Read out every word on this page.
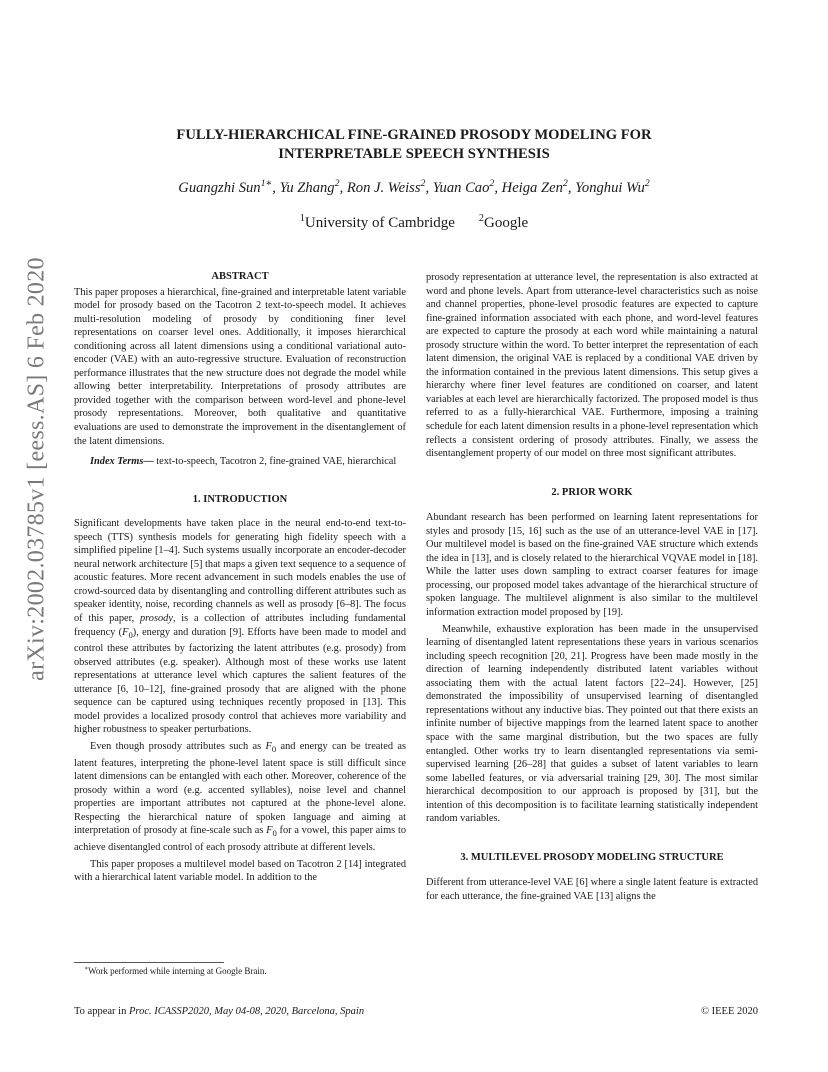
arXiv:2002.03785v1 [eess.AS] 6 Feb 2020
FULLY-HIERARCHICAL FINE-GRAINED PROSODY MODELING FOR
INTERPRETABLE SPEECH SYNTHESIS
Guangzhi Sun$^{1∗}$, Yu Zhang$^2$, Ron J. Weiss$^2$, Yuan Cao$^2$, Heiga Zen$^2$, Yonghui Wu$^2$
$^1$University of Cambridge $^2$Google
ABSTRACT

This paper proposes a hierarchical, fine-grained and interpretable latent variable model for prosody based on the Tacotron 2 text-to-speech model. It achieves multi-resolution modeling of prosody by conditioning finer level representations on coarser level ones. Additionally, it imposes hierarchical conditioning across all latent dimensions using a conditional variational auto-encoder (VAE) with an auto-regressive structure. Evaluation of reconstruction performance illustrates that the new structure does not degrade the model while allowing better interpretability. Interpretations of prosody attributes are provided together with the comparison between word-level and phone-level prosody representations. Moreover, both qualitative and quantitative evaluations are used to demonstrate the improvement in the disentanglement of the latent dimensions.

Index Terms— text-to-speech, Tacotron 2, fine-grained VAE, hierarchical

1. INTRODUCTION

Significant developments have taken place in the neural end-to-end text-to-speech (TTS) synthesis models for generating high fidelity speech with a simplified pipeline [1–4]. Such systems usually incorporate an encoder-decoder neural network architecture [5] that maps a given text sequence to a sequence of acoustic features. More recent advancement in such models enables the use of crowd-sourced data by disentangling and controlling different attributes such as speaker identity, noise, recording channels as well as prosody [6–8]. The focus of this paper, prosody, is a collection of attributes including fundamental frequency $(F_0)$, energy and duration [9]. Efforts have been made to model and control these attributes by factorizing the latent attributes (e.g. prosody) from observed attributes (e.g. speaker). Although most of these works use latent representations at utterance level which captures the salient features of the utterance [6, 10–12], fine-grained prosody that are aligned with the phone sequence can be captured using techniques recently proposed in [13]. This model provides a localized prosody control that achieves more variability and higher robustness to speaker perturbations.

Even though prosody attributes such as $F_0$ and energy can be treated as latent features, interpreting the phone-level latent space is still difficult since latent dimensions can be entangled with each other. Moreover, coherence of the prosody within a word (e.g. accented syllables), noise level and channel properties are important attributes not captured at the phone-level alone. Respecting the hierarchical nature of spoken language and aiming at interpretation of prosody at fine-scale such as $F_0$ for a vowel, this paper aims to achieve disentangled control of each prosody attribute at different levels.

This paper proposes a multilevel model based on Tacotron 2 [14] integrated with a hierarchical latent variable model. In addition to the

prosody representation at utterance level, the representation is also extracted at word and phone levels. Apart from utterance-level characteristics such as noise and channel properties, phone-level prosodic features are expected to capture fine-grained information associated with each phone, and word-level features are expected to capture the prosody at each word while maintaining a natural prosody structure within the word. To better interpret the representation of each latent dimension, the original VAE is replaced by a conditional VAE driven by the information contained in the previous latent dimensions. This setup gives a hierarchy where finer level features are conditioned on coarser, and latent variables at each level are hierarchically factorized. The proposed model is thus referred to as a fully-hierarchical VAE. Furthermore, imposing a training schedule for each latent dimension results in a phone-level representation which reflects a consistent ordering of prosody attributes. Finally, we assess the disentanglement property of our model on three most significant attributes.

2. PRIOR WORK

Abundant research has been performed on learning latent representations for styles and prosody [15, 16] such as the use of an utterance-level VAE in [17]. Our multilevel model is based on the fine-grained VAE structure which extends the idea in [13], and is closely related to the hierarchical VQVAE model in [18]. While the latter uses down sampling to extract coarser features for image processing, our proposed model takes advantage of the hierarchical structure of spoken language. The multilevel alignment is also similar to the multilevel information extraction model proposed by [19].

Meanwhile, exhaustive exploration has been made in the unsupervised learning of disentangled latent representations these years in various scenarios including speech recognition [20, 21]. Progress have been made mostly in the direction of learning independently distributed latent variables without associating them with the actual latent factors [22–24]. However, [25] demonstrated the impossibility of unsupervised learning of disentangled representations without any inductive bias. They pointed out that there exists an infinite number of bijective mappings from the learned latent space to another space with the same marginal distribution, but the two spaces are fully entangled. Other works try to learn disentangled representations via semi-supervised learning [26–28] that guides a subset of latent variables to learn some labelled features, or via adversarial training [29, 30]. The most similar hierarchical decomposition to our approach is proposed by [31], but the intention of this decomposition is to facilitate learning statistically independent random variables.

3. MULTILEVEL PROSODY MODELING STRUCTURE

Different from utterance-level VAE [6] where a single latent feature is extracted for each utterance, the fine-grained VAE [13] aligns the

∗Work performed while interning at Google Brain.
To appear in Proc. ICASSP2020, May 04-08, 2020, Barcelona, Spain	© IEEE 2020
